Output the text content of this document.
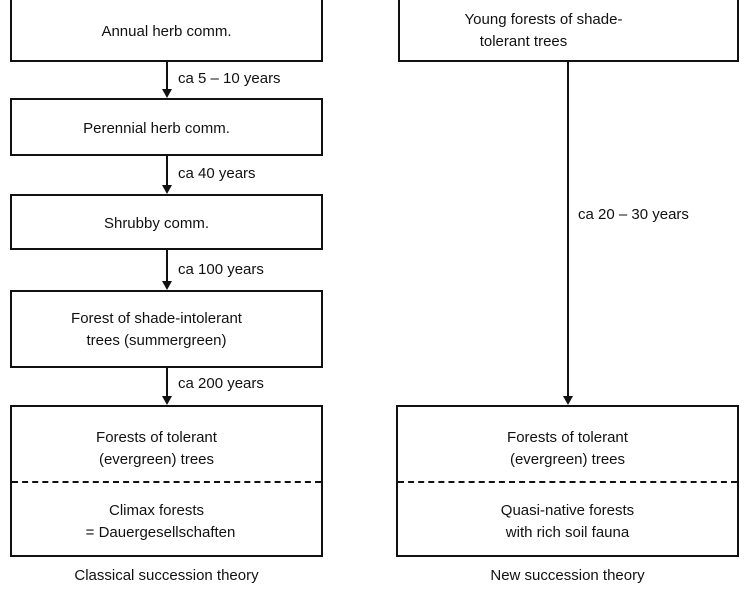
Annual herb comm.
ca 5 – 10 years
Perennial herb comm.
ca 40 years
Shrubby comm.
ca 100 years
Forest of shade-intolerant
trees (summergreen)
ca 200 years
Forests of tolerant
(evergreen) trees
Climax forests
= Dauergesellschaften
Classical succession theory
Young forests of shade-
tolerant trees
ca 20 – 30 years
Forests of tolerant
(evergreen) trees
Quasi-native forests
with rich soil fauna
New succession theory
